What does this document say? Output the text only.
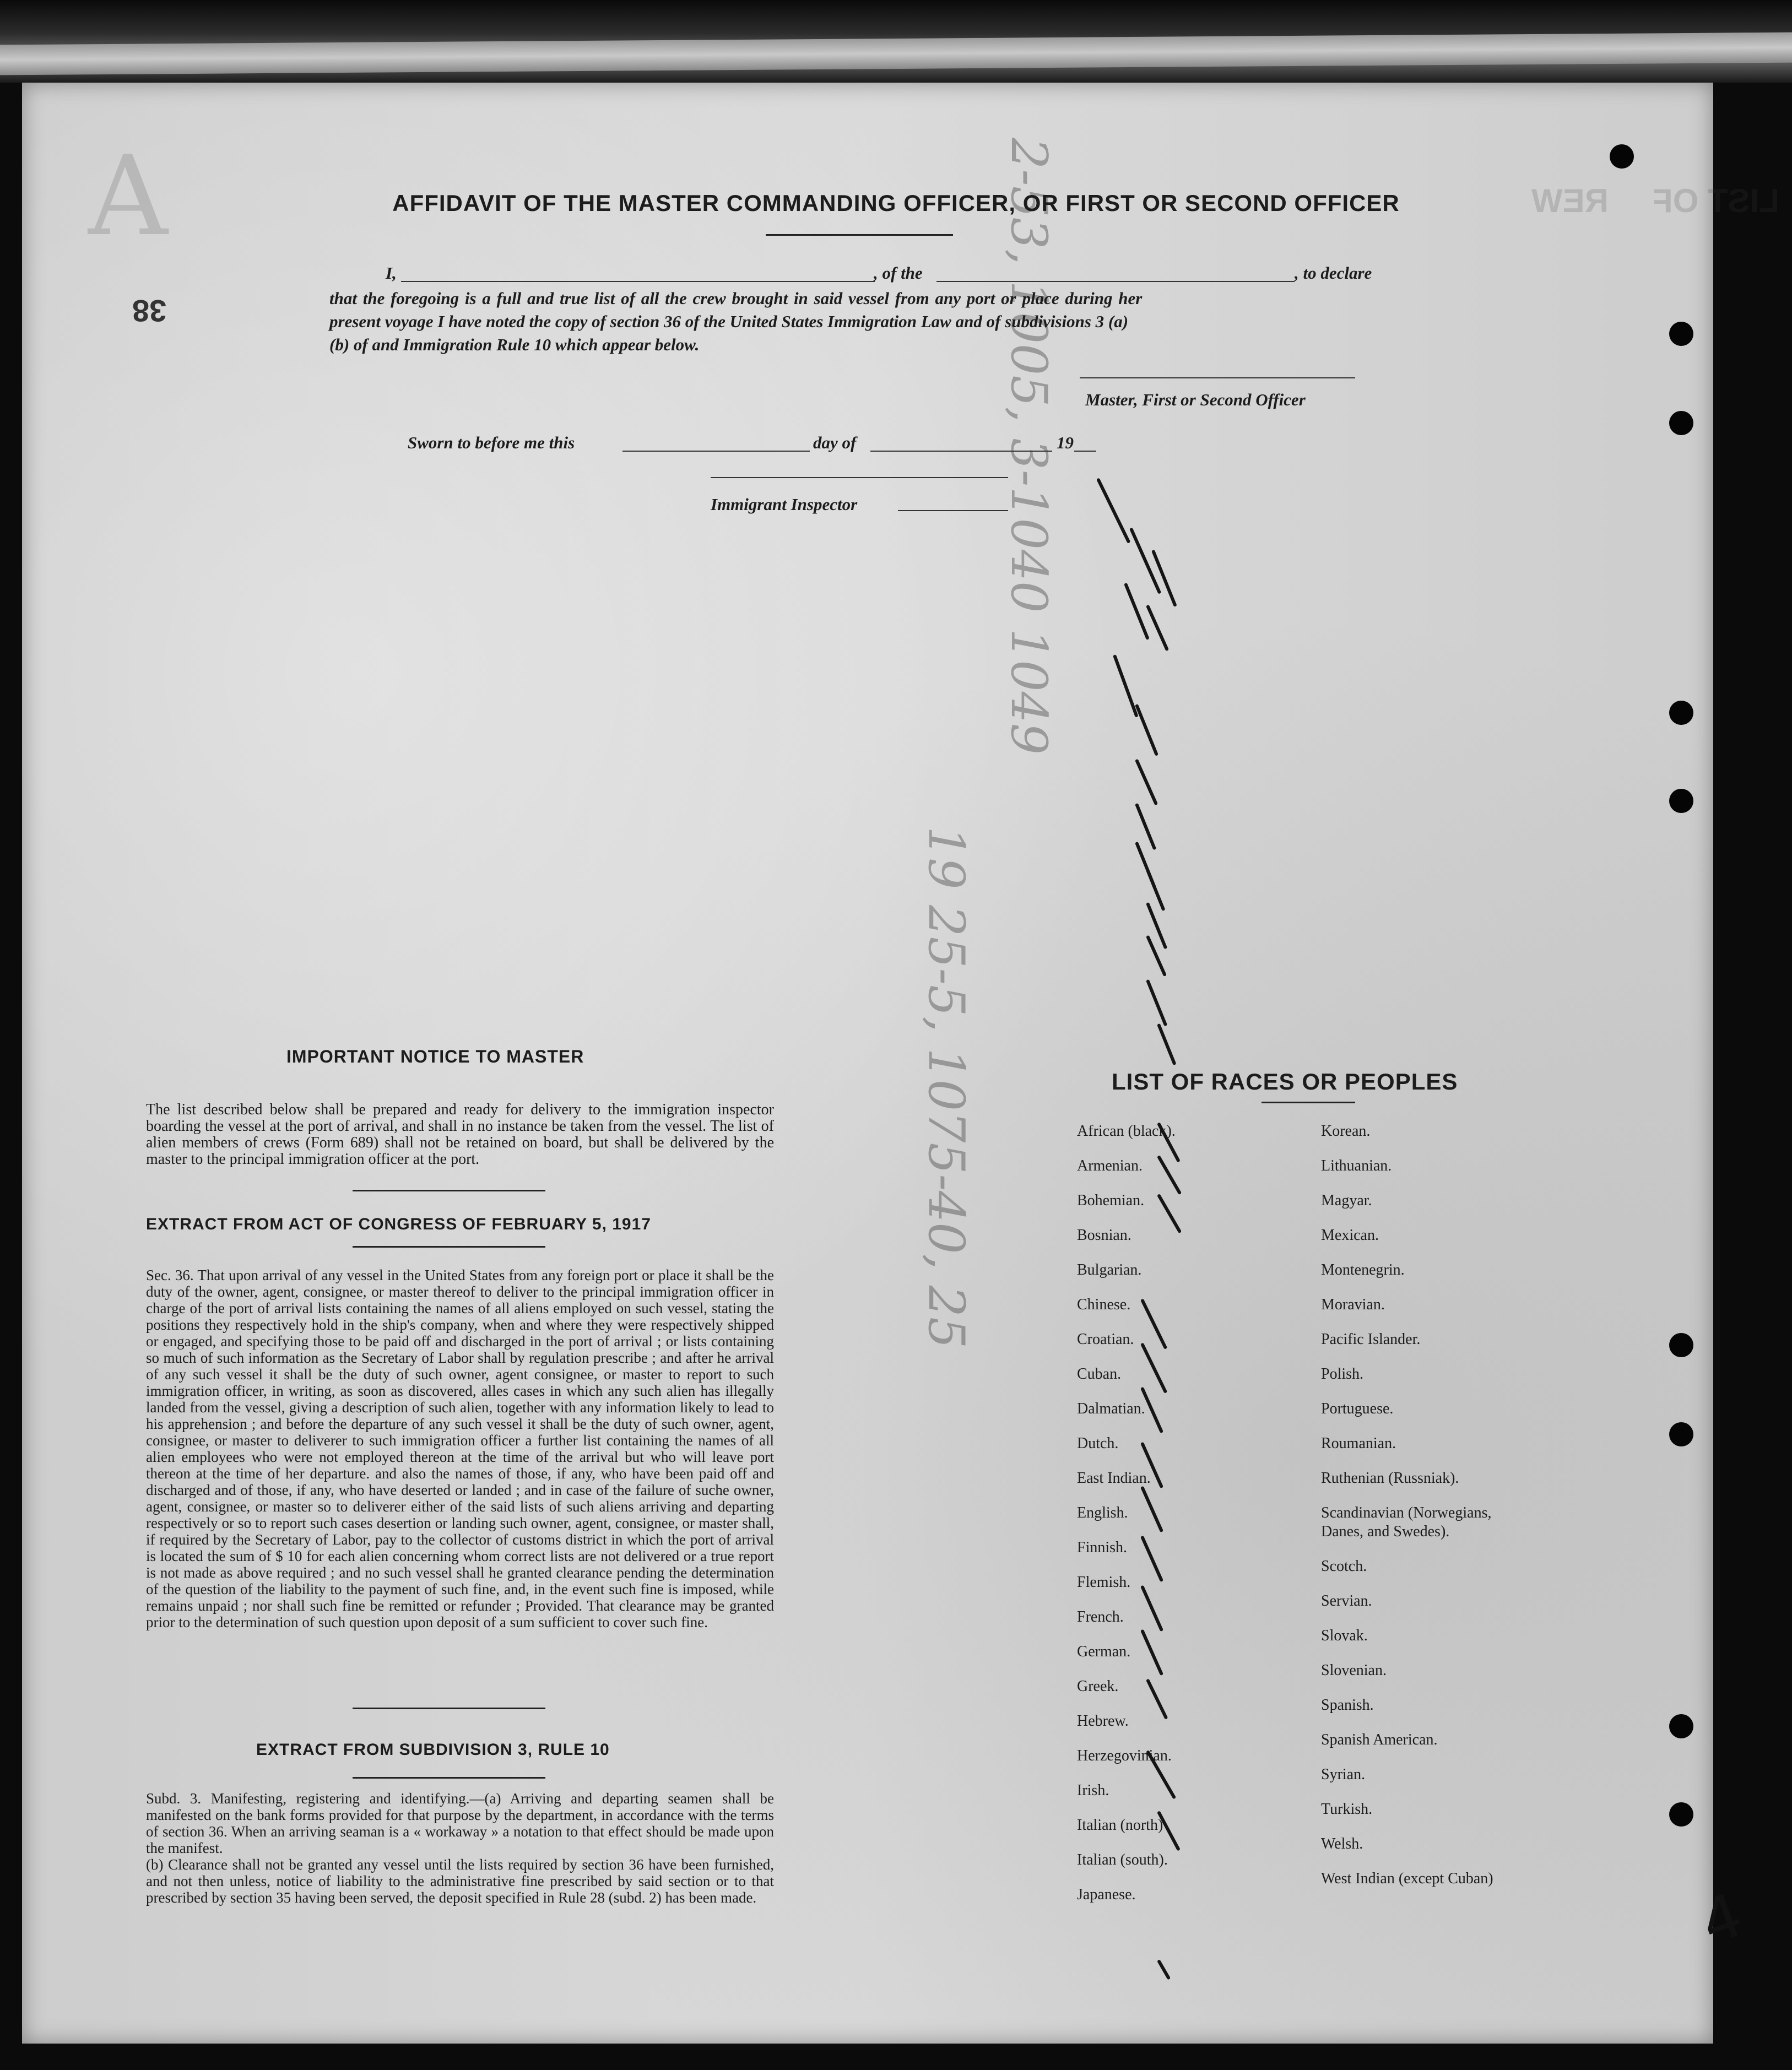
REW LIST OF
A
38	2-53, 1005, 3-1040 1049
19 25-5, 1075-40, 25
AFFIDAVIT OF THE MASTER COMMANDING OFFICER, OR FIRST OR SECOND OFFICER
I,	, of the	, to declare
that the foregoing is a full and true list of all the crew brought in said vessel from any port or place during her
present voyage I have noted the copy of section 36 of the United States Immigration Law and of subdivisions 3 (a)
(b) of and Immigration Rule 10 which appear below.
Master, First or Second Officer
Sworn to before me this	day of	19
Immigrant Inspector
IMPORTANT NOTICE TO MASTER

The list described below shall be prepared and ready for delivery to the immigration inspector boarding the vessel at the port of arrival, and shall in no instance be taken from the vessel. The list of alien members of crews (Form 689) shall not be retained on board, but shall be delivered by the master to the principal immigration officer at the port.

EXTRACT FROM ACT OF CONGRESS OF FEBRUARY 5, 1917

Sec. 36. That upon arrival of any vessel in the United States from any foreign port or place it shall be the duty of the owner, agent, consignee, or master thereof to deliver to the principal immigration officer in charge of the port of arrival lists containing the names of all aliens employed on such vessel, stating the positions they respectively hold in the ship's company, when and where they were respectively shipped or engaged, and specifying those to be paid off and discharged in the port of arrival ; or lists containing so much of such information as the Secretary of Labor shall by regulation prescribe ; and after he arrival of any such vessel it shall be the duty of such owner, agent consignee, or master to report to such immigration officer, in writing, as soon as discovered, alles cases in which any such alien has illegally landed from the vessel, giving a description of such alien, together with any information likely to lead to his apprehension ; and before the departure of any such vessel it shall be the duty of such owner, agent, consignee, or master to deliverer to such immigration officer a further list containing the names of all alien employees who were not employed thereon at the time of the arrival but who will leave port thereon at the time of her departure. and also the names of those, if any, who have been paid off and discharged and of those, if any, who have deserted or landed ; and in case of the failure of suche owner, agent, consignee, or master so to deliverer either of the said lists of such aliens arriving and departing respectively or so to report such cases desertion or landing such owner, agent, consignee, or master shall, if required by the Secretary of Labor, pay to the collector of customs district in which the port of arrival is located the sum of $ 10 for each alien concerning whom correct lists are not delivered or a true report is not made as above required ; and no such vessel shall he granted clearance pending the determination of the question of the liability to the payment of such fine, and, in the event such fine is imposed, while remains unpaid ; nor shall such fine be remitted or refunder ; Provided. That clearance may be granted prior to the determination of such question upon deposit of a sum sufficient to cover such fine.

EXTRACT FROM SUBDIVISION 3, RULE 10

Subd. 3. Manifesting, registering and identifying.—(a) Arriving and departing seamen shall be manifested on the bank forms provided for that purpose by the department, in accordance with the terms of section 36. When an arriving seaman is a « workaway » a notation to that effect should be made upon the manifest.

(b) Clearance shall not be granted any vessel until the lists required by section 36 have been furnished, and not then unless, notice of liability to the administrative fine prescribed by said section or to that prescribed by section 35 having been served, the deposit specified in Rule 28 (subd. 2) has been made.

LIST OF RACES OR PEOPLES
African (black).
Armenian.
Bohemian.
Bosnian.
Bulgarian.
Chinese.
Croatian.
Cuban.
Dalmatian.
Dutch.
East Indian.
English.
Finnish.
Flemish.
French.
German.
Greek.
Hebrew.
Herzegovinian.
Irish.
Italian (north)
Italian (south).
Japanese.
Korean.
Lithuanian.
Magyar.
Mexican.
Montenegrin.
Moravian.
Pacific Islander.
Polish.
Portuguese.
Roumanian.
Ruthenian (Russniak).
Scandinavian (Norwegians,
Danes, and Swedes).
Scotch.
Servian.
Slovak.
Slovenian.
Spanish.
Spanish American.
Syrian.
Turkish.
Welsh.
West Indian (except Cuban)
4
